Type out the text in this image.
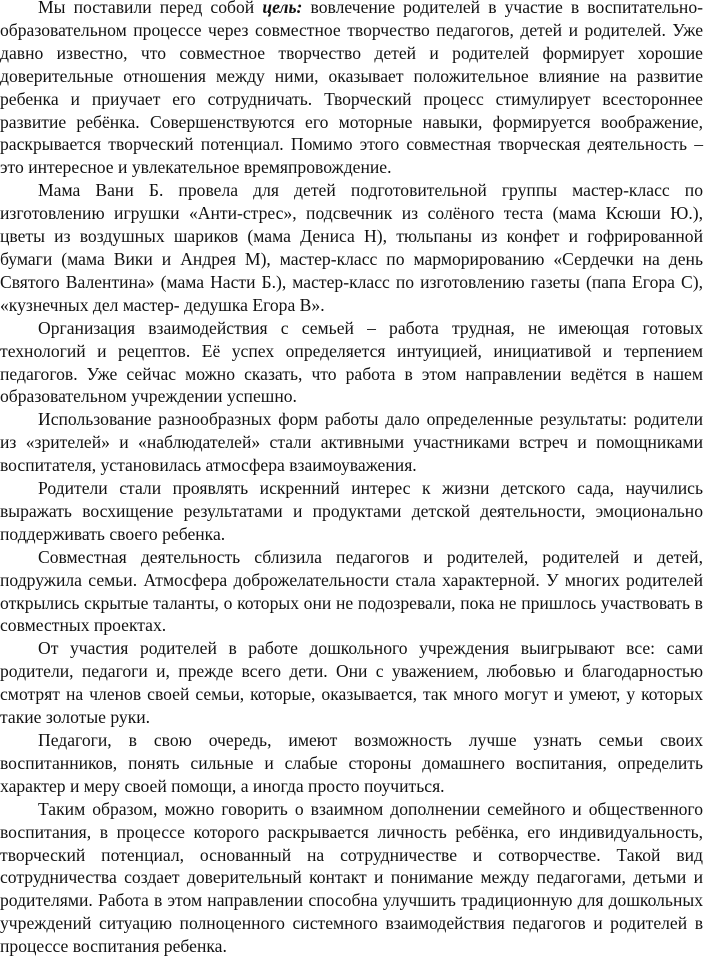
Мы поставили перед собой цель: вовлечение родителей в участие в воспитательно-образовательном процессе через совместное творчество педагогов, детей и родителей. Уже давно известно, что совместное творчество детей и родителей формирует хорошие доверительные отношения между ними, оказывает положительное влияние на развитие ребенка и приучает его сотрудничать. Творческий процесс стимулирует всестороннее развитие ребёнка. Совершенствуются его моторные навыки, формируется воображение, раскрывается творческий потенциал. Помимо этого совместная творческая деятельность – это интересное и увлекательное времяпровождение.

Мама Вани Б. провела для детей подготовительной группы мастер-класс по изготовлению игрушки «Анти-стрес», подсвечник из солёного теста (мама Ксюши Ю.), цветы из воздушных шариков (мама Дениса Н), тюльпаны из конфет и гофрированной бумаги (мама Вики и Андрея М), мастер-класс по марморированию «Сердечки на день Святого Валентина» (мама Насти Б.), мастер-класс по изготовлению газеты (папа Егора С), «кузнечных дел мастер- дедушка Егора В».

Организация взаимодействия с семьей – работа трудная, не имеющая готовых технологий и рецептов. Её успех определяется интуицией, инициативой и терпением педагогов. Уже сейчас можно сказать, что работа в этом направлении ведётся в нашем образовательном учреждении успешно.

Использование разнообразных форм работы дало определенные результаты: родители из «зрителей» и «наблюдателей» стали активными участниками встреч и помощниками воспитателя, установилась атмосфера взаимоуважения.

Родители стали проявлять искренний интерес к жизни детского сада, научились выражать восхищение результатами и продуктами детской деятельности, эмоционально поддерживать своего ребенка.

Совместная деятельность сблизила педагогов и родителей, родителей и детей, подружила семьи. Атмосфера доброжелательности стала характерной. У многих родителей открылись скрытые таланты, о которых они не подозревали, пока не пришлось участвовать в совместных проектах.

От участия родителей в работе дошкольного учреждения выигрывают все: сами родители, педагоги и, прежде всего дети. Они с уважением, любовью и благодарностью смотрят на членов своей семьи, которые, оказывается, так много могут и умеют, у которых такие золотые руки.

Педагоги, в свою очередь, имеют возможность лучше узнать семьи своих воспитанников, понять сильные и слабые стороны домашнего воспитания, определить характер и меру своей помощи, а иногда просто поучиться.

Таким образом, можно говорить о взаимном дополнении семейного и общественного воспитания, в процессе которого раскрывается личность ребёнка, его индивидуальность, творческий потенциал, основанный на сотрудничестве и сотворчестве. Такой вид сотрудничества создает доверительный контакт и понимание между педагогами, детьми и родителями. Работа в этом направлении способна улучшить традиционную для дошкольных учреждений ситуацию полноценного системного взаимодействия педагогов и родителей в процессе воспитания ребенка.
